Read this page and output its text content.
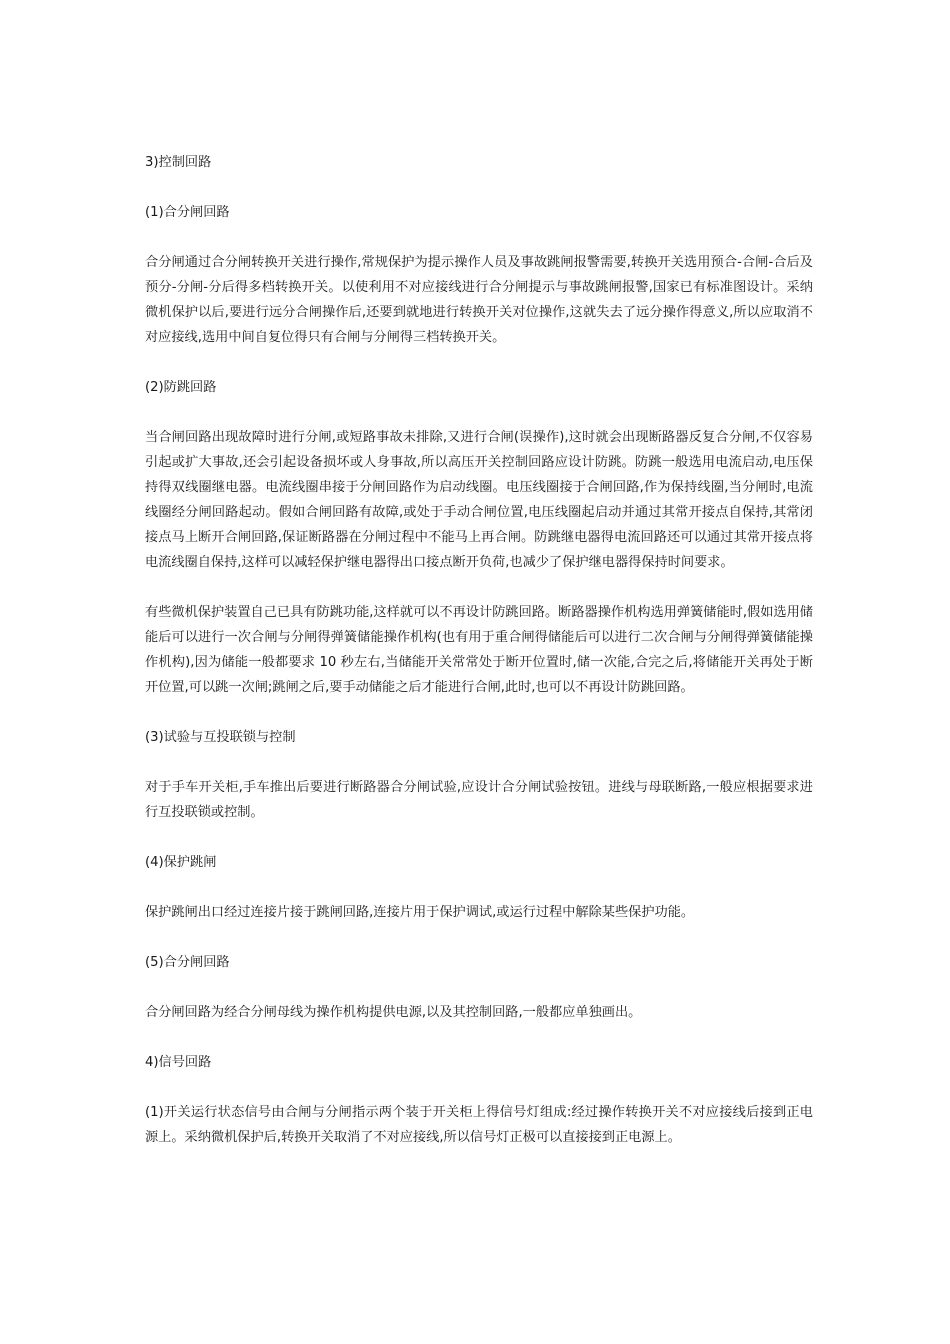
3)控制回路

(1)合分闸回路

合分闸通过合分闸转换开关进行操作,常规保护为提示操作人员及事故跳闸报警需要,转换开关选用预合-合闸-合后及预分-分闸-分后得多档转换开关。以使利用不对应接线进行合分闸提示与事故跳闸报警,国家已有标准图设计。采纳微机保护以后,要进行远分合闸操作后,还要到就地进行转换开关对位操作,这就失去了远分操作得意义,所以应取消不对应接线,选用中间自复位得只有合闸与分闸得三档转换开关。

(2)防跳回路

当合闸回路出现故障时进行分闸,或短路事故未排除,又进行合闸(误操作),这时就会出现断路器反复合分闸,不仅容易引起或扩大事故,还会引起设备损坏或人身事故,所以高压开关控制回路应设计防跳。防跳一般选用电流启动,电压保持得双线圈继电器。电流线圈串接于分闸回路作为启动线圈。电压线圈接于合闸回路,作为保持线圈,当分闸时,电流线圈经分闸回路起动。假如合闸回路有故障,或处于手动合闸位置,电压线圈起启动并通过其常开接点自保持,其常闭接点马上断开合闸回路,保证断路器在分闸过程中不能马上再合闸。防跳继电器得电流回路还可以通过其常开接点将电流线圈自保持,这样可以减轻保护继电器得出口接点断开负荷,也减少了保护继电器得保持时间要求。

有些微机保护装置自己已具有防跳功能,这样就可以不再设计防跳回路。断路器操作机构选用弹簧储能时,假如选用储能后可以进行一次合闸与分闸得弹簧储能操作机构(也有用于重合闸得储能后可以进行二次合闸与分闸得弹簧储能操作机构),因为储能一般都要求 10 秒左右,当储能开关常常处于断开位置时,储一次能,合完之后,将储能开关再处于断开位置,可以跳一次闸;跳闸之后,要手动储能之后才能进行合闸,此时,也可以不再设计防跳回路。

(3)试验与互投联锁与控制

对于手车开关柜,手车推出后要进行断路器合分闸试验,应设计合分闸试验按钮。进线与母联断路,一般应根据要求进行互投联锁或控制。

(4)保护跳闸

保护跳闸出口经过连接片接于跳闸回路,连接片用于保护调试,或运行过程中解除某些保护功能。

(5)合分闸回路

合分闸回路为经合分闸母线为操作机构提供电源,以及其控制回路,一般都应单独画出。

4)信号回路

(1)开关运行状态信号由合闸与分闸指示两个装于开关柜上得信号灯组成:经过操作转换开关不对应接线后接到正电源上。采纳微机保护后,转换开关取消了不对应接线,所以信号灯正极可以直接接到正电源上。
